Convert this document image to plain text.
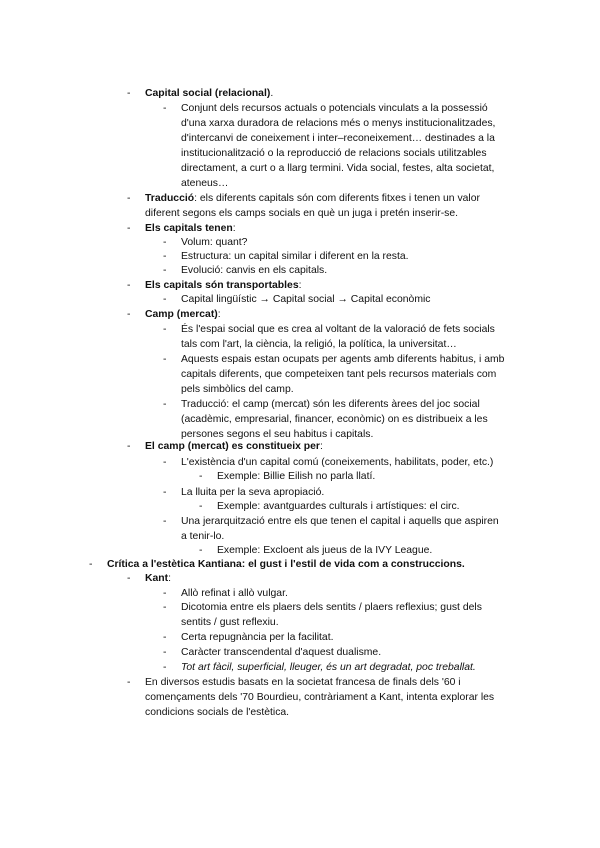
- Capital social (relacional).
- Conjunt dels recursos actuals o potencials vinculats a la possessió
d'una xarxa duradora de relacions més o menys institucionalitzades,
d'intercanvi de coneixement i inter–reconeixement… destinades a la
institucionalització o la reproducció de relacions socials utilitzables
directament, a curt o a llarg termini. Vida social, festes, alta societat,
ateneus…
- Traducció: els diferents capitals són com diferents fitxes i tenen un valor
diferent segons els camps socials en què un juga i pretén inserir-se.
- Els capitals tenen:
- Volum: quant?
- Estructura: un capital similar i diferent en la resta.
- Evolució: canvis en els capitals.
- Els capitals són transportables:
- Capital lingüístic → Capital social → Capital econòmic
- Camp (mercat):
- És l'espai social que es crea al voltant de la valoració de fets socials
tals com l'art, la ciència, la religió, la política, la universitat…
- Aquests espais estan ocupats per agents amb diferents habitus, i amb
capitals diferents, que competeixen tant pels recursos materials com
pels simbòlics del camp.
- Traducció: el camp (mercat) són les diferents àrees del joc social
(acadèmic, empresarial, financer, econòmic) on es distribueix a les
persones segons el seu habitus i capitals.
- El camp (mercat) es constitueix per:
- L'existència d'un capital comú (coneixements, habilitats, poder, etc.)
- Exemple: Billie Eilish no parla llatí.
- La lluita per la seva apropiació.
- Exemple: avantguardes culturals i artístiques: el circ.
- Una jerarquització entre els que tenen el capital i aquells que aspiren
a tenir-lo.
- Exemple: Excloent als jueus de la IVY League.
- Crítica a l'estètica Kantiana: el gust i l'estil de vida com a construccions.
- Kant:
- Allò refinat i allò vulgar.
- Dicotomia entre els plaers dels sentits / plaers reflexius; gust dels
sentits / gust reflexiu.
- Certa repugnància per la facilitat.
- Caràcter transcendental d'aquest dualisme.
- Tot art fàcil, superficial, lleuger, és un art degradat, poc treballat.
- En diversos estudis basats en la societat francesa de finals dels '60 i
començaments dels '70 Bourdieu, contràriament a Kant, intenta explorar les
condicions socials de l'estètica.
